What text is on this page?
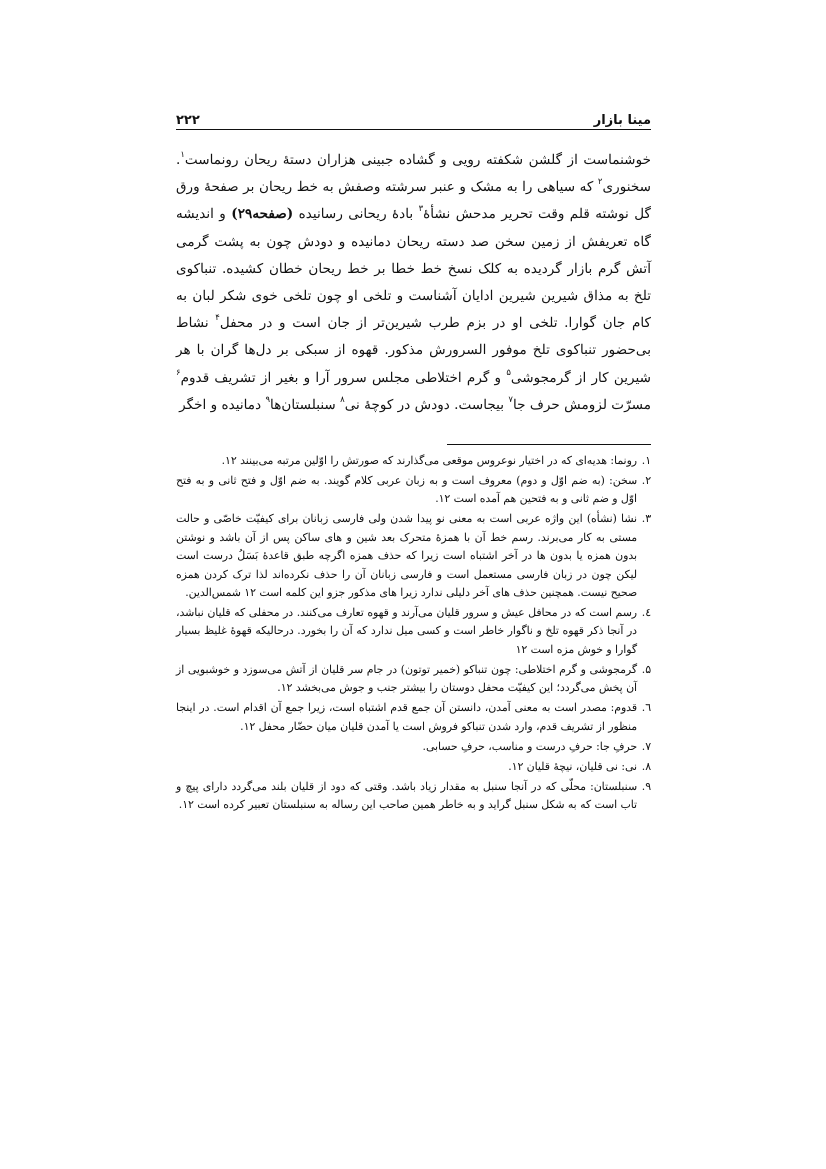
۲۲۲	مینا بازار

خوشنماست از گلشن شکفته رویی و گشاده جبینی هزاران دستهٔ ریحان رونماست$^۱$. سخنوری$^۲$ که سیاهی را به مشک و عنبر سرشته وصفش به خط ریحان بر صفحهٔ ورق گل نوشته قلم وقت تحریر مدحش نشأهٔ$^۳$ بادهٔ ریحانی رسانیده (صفحه۲۹) و اندیشه گاه تعریفش از زمین سخن صد دسته ریحان دمانیده و دودش چون به پشت گرمی آتش گرم بازار گردیده به کلک نسخ خط خطا بر خط ریحان خطان کشیده. تنباکوی تلخ به مذاق شیرین شیرین ادایان آشناست و تلخی او چون تلخی خوی شکر لبان به کام جان گوارا. تلخی او در بزم طرب شیرین‌تر از جان است و در محفل$^۴$ نشاط بی‌حضور تنباکوی تلخ موفور السرورش مذکور. قهوه از سبکی بر دل‌ها گران با هر شیرین کار از گرمجوشی$^۵$ و گرم اختلاطی مجلس سرور آرا و بغیر از تشریف قدوم$^۶$ مسرّت لزومش حرف جا$^۷$ بیجاست. دودش در کوچهٔ نی$^۸$ سنبلستان‌ها$^۹$ دمانیده و اخگر

۱.
رونما: هدیه‌ای که در اختیار نوعروس موقعی می‌گذارند که صورتش را اوّلین مرتبه می‌بینند ۱۲.
۲.
سخن: (به ضم اوّل و دوم) معروف است و به زبان عربی کلام گویند. به ضم اوّل و فتح ثانی و به فتح اوّل و ضم ثانی و به فتحین هم آمده است ۱۲.
۳.
نشا (نشأه) این واژه عربی است به معنی نو پیدا شدن ولی فارسی زبانان برای کیفیّت خاصّی و حالت مستی به کار می‌برند. رسم خط آن با همزهٔ متحرک بعد شین و های ساکن پس از آن باشد و نوشتن بدون همزه یا بدون ها در آخر اشتباه است زیرا که حذف همزه اگرچه طبق قاعدهٔ بَسَلُ درست است لیکن چون در زبان فارسی مستعمل است و فارسی زبانان آن را حذف نکرده‌اند لذا ترک کردن همزه صحیح نیست. همچنین حذف های آخر دلیلی ندارد زیرا های مذکور جزو این کلمه است ۱۲ شمس‌الدین.
٤.
رسم است که در محافل عیش و سرور قلیان می‌آرند و قهوه تعارف می‌کنند. در محفلی که قلیان نباشد، در آنجا ذکر قهوه تلخ و ناگوار خاطر است و کسی میل ندارد که آن را بخورد. درحالیکه قهوهٔ غلیظ بسیار گوارا و خوش مزه است ۱۲
۵.
گرمجوشی و گرم اختلاطی: چون تنباکو (خمیر توتون) در جام سر قلیان از آتش می‌سوزد و خوشبویی از آن پخش می‌گردد؛ این کیفیّت محفل دوستان را بیشتر جنب و جوش می‌بخشد ۱۲.
٦.
قدوم: مصدر است به معنی آمدن، دانستن آن جمع قدم اشتباه است، زیرا جمع آن اقدام است. در اینجا منظور از تشریف قدم، وارد شدن تنباکو فروش است یا آمدن قلیان میان حضّار محفل ۱۲.
۷.
حرفِ جا: حرفِ درست و مناسب، حرفِ حسابی.
۸.
نی: نی قلیان، نیچهٔ قلیان ۱۲.
۹.
سنبلستان: محلّی که در آنجا سنبل به مقدار زیاد باشد. وقتی که دود از قلیان بلند می‌گردد دارای پیچ و تاب است که به شکل سنبل گراید و به خاطر همین صاحب این رساله به سنبلستان تعبیر کرده است ۱۲.
